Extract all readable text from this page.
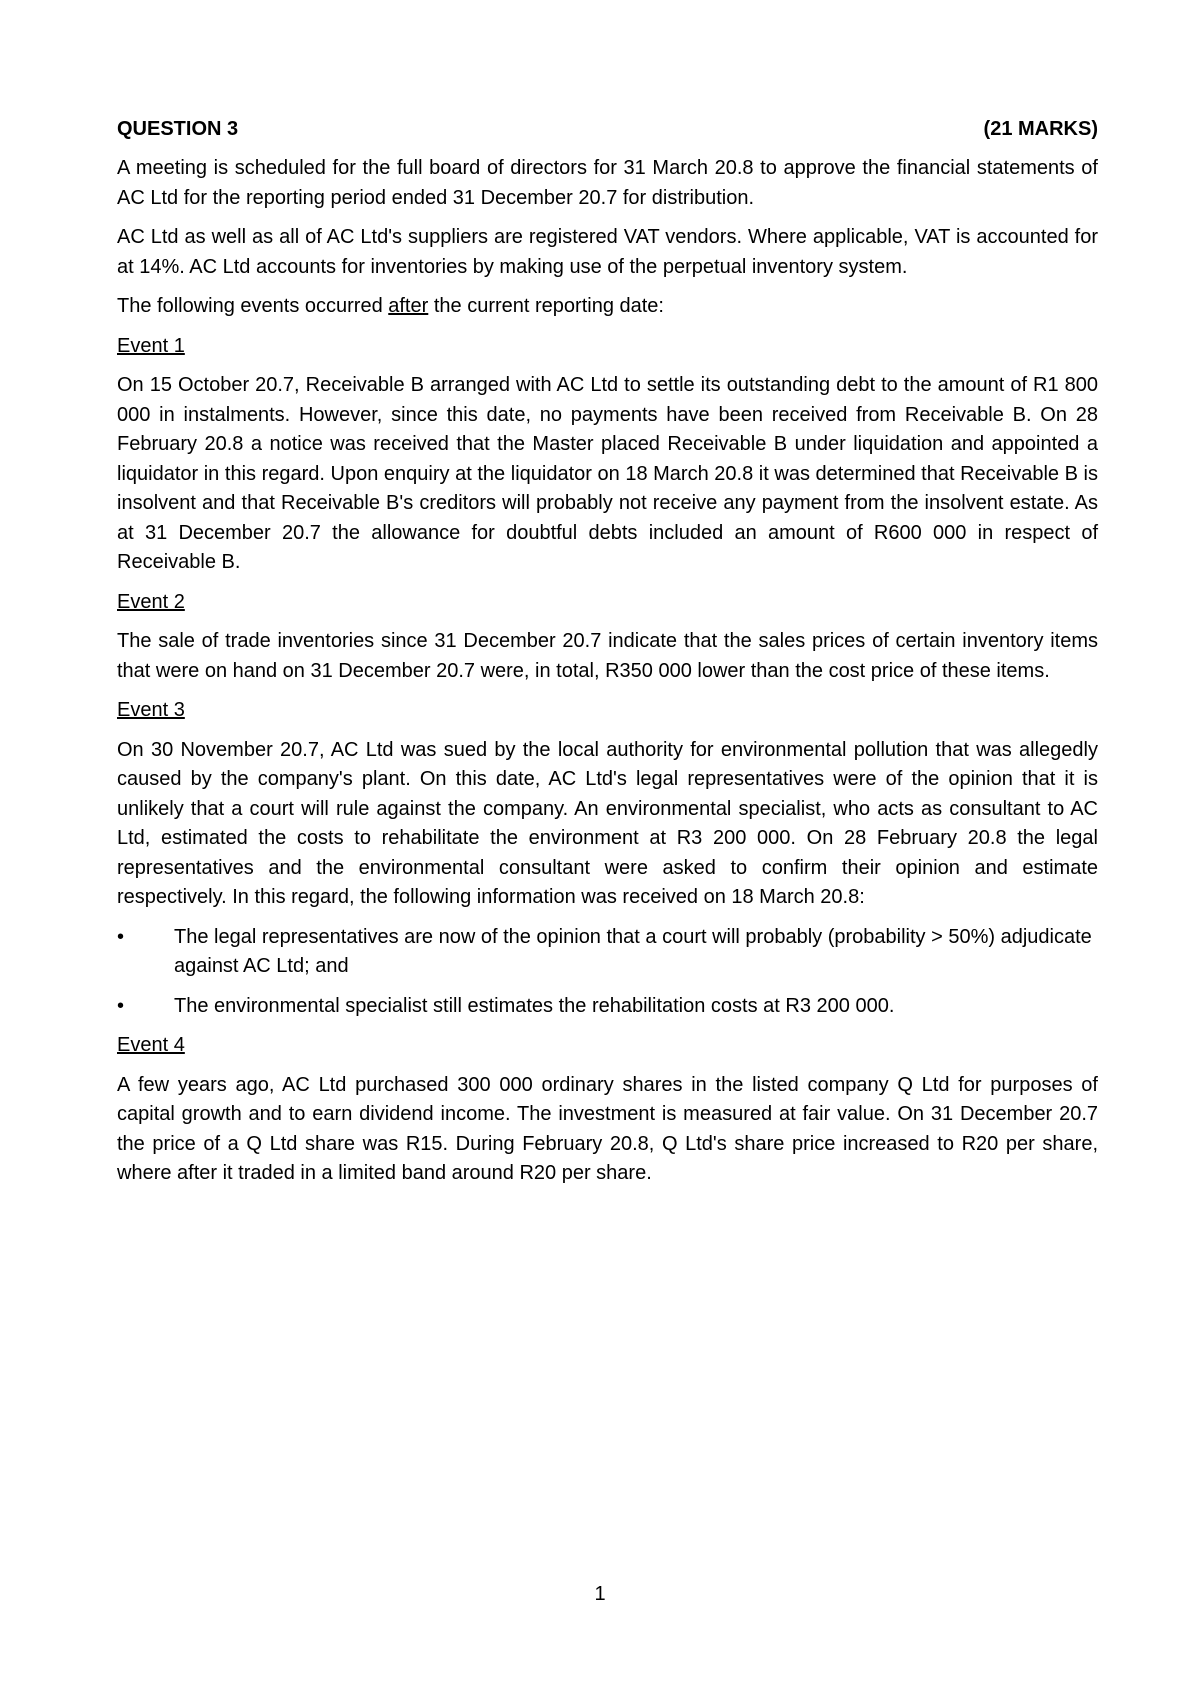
QUESTION 3	(21 MARKS)

A meeting is scheduled for the full board of directors for 31 March 20.8 to approve the financial statements of AC Ltd for the reporting period ended 31 December 20.7 for distribution.

AC Ltd as well as all of AC Ltd's suppliers are registered VAT vendors. Where applicable, VAT is accounted for at 14%. AC Ltd accounts for inventories by making use of the perpetual inventory system.

The following events occurred after the current reporting date:

Event 1

On 15 October 20.7, Receivable B arranged with AC Ltd to settle its outstanding debt to the amount of R1 800 000 in instalments. However, since this date, no payments have been received from Receivable B. On 28 February 20.8 a notice was received that the Master placed Receivable B under liquidation and appointed a liquidator in this regard. Upon enquiry at the liquidator on 18 March 20.8 it was determined that Receivable B is insolvent and that Receivable B's creditors will probably not receive any payment from the insolvent estate. As at 31 December 20.7 the allowance for doubtful debts included an amount of R600 000 in respect of Receivable B.

Event 2

The sale of trade inventories since 31 December 20.7 indicate that the sales prices of certain inventory items that were on hand on 31 December 20.7 were, in total, R350 000 lower than the cost price of these items.

Event 3

On 30 November 20.7, AC Ltd was sued by the local authority for environmental pollution that was allegedly caused by the company's plant. On this date, AC Ltd's legal representatives were of the opinion that it is unlikely that a court will rule against the company. An environmental specialist, who acts as consultant to AC Ltd, estimated the costs to rehabilitate the environment at R3 200 000. On 28 February 20.8 the legal representatives and the environmental consultant were asked to confirm their opinion and estimate respectively. In this regard, the following information was received on 18 March 20.8:

• The legal representatives are now of the opinion that a court will probably (probability > 50%) adjudicate against AC Ltd; and
• The environmental specialist still estimates the rehabilitation costs at R3 200 000.
Event 4

A few years ago, AC Ltd purchased 300 000 ordinary shares in the listed company Q Ltd for purposes of capital growth and to earn dividend income. The investment is measured at fair value. On 31 December 20.7 the price of a Q Ltd share was R15. During February 20.8, Q Ltd's share price increased to R20 per share, where after it traded in a limited band around R20 per share.

1
